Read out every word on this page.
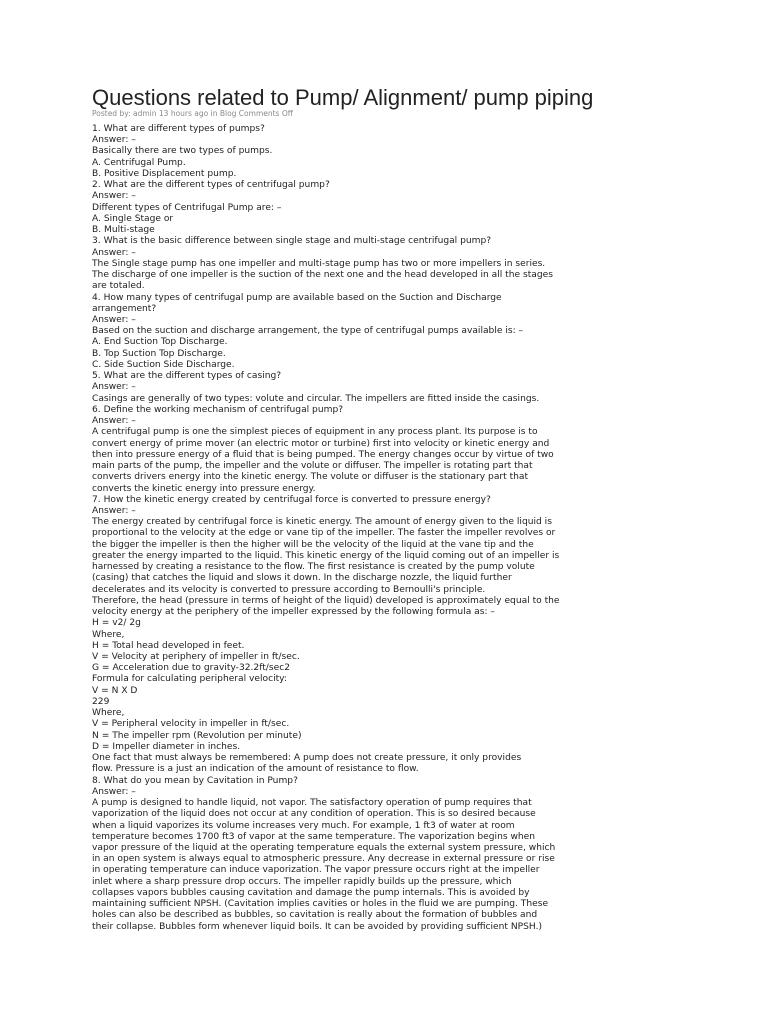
Questions related to Pump/ Alignment/ pump piping
Posted by: admin 13 hours ago in Blog Comments Off
1. What are different types of pumps?
Answer: –
Basically there are two types of pumps.
A. Centrifugal Pump.
B. Positive Displacement pump.
2. What are the different types of centrifugal pump?
Answer: –
Different types of Centrifugal Pump are: –
A. Single Stage or
B. Multi-stage
3. What is the basic difference between single stage and multi-stage centrifugal pump?
Answer: –
The Single stage pump has one impeller and multi-stage pump has two or more impellers in series.
The discharge of one impeller is the suction of the next one and the head developed in all the stages
are totaled.
4. How many types of centrifugal pump are available based on the Suction and Discharge
arrangement?
Answer: –
Based on the suction and discharge arrangement, the type of centrifugal pumps available is: –
A. End Suction Top Discharge.
B. Top Suction Top Discharge.
C. Side Suction Side Discharge.
5. What are the different types of casing?
Answer: –
Casings are generally of two types: volute and circular. The impellers are fitted inside the casings.
6. Define the working mechanism of centrifugal pump?
Answer: –
A centrifugal pump is one the simplest pieces of equipment in any process plant. Its purpose is to
convert energy of prime mover (an electric motor or turbine) first into velocity or kinetic energy and
then into pressure energy of a fluid that is being pumped. The energy changes occur by virtue of two
main parts of the pump, the impeller and the volute or diffuser. The impeller is rotating part that
converts drivers energy into the kinetic energy. The volute or diffuser is the stationary part that
converts the kinetic energy into pressure energy.
7. How the kinetic energy created by centrifugal force is converted to pressure energy?
Answer: –
The energy created by centrifugal force is kinetic energy. The amount of energy given to the liquid is
proportional to the velocity at the edge or vane tip of the impeller. The faster the impeller revolves or
the bigger the impeller is then the higher will be the velocity of the liquid at the vane tip and the
greater the energy imparted to the liquid. This kinetic energy of the liquid coming out of an impeller is
harnessed by creating a resistance to the flow. The first resistance is created by the pump volute
(casing) that catches the liquid and slows it down. In the discharge nozzle, the liquid further
decelerates and its velocity is converted to pressure according to Bernoulli's principle.
Therefore, the head (pressure in terms of height of the liquid) developed is approximately equal to the
velocity energy at the periphery of the impeller expressed by the following formula as: –
H = v2/ 2g
Where,
H = Total head developed in feet.
V = Velocity at periphery of impeller in ft/sec.
G = Acceleration due to gravity-32.2ft/sec2
Formula for calculating peripheral velocity:
V = N X D
229
Where,
V = Peripheral velocity in impeller in ft/sec.
N = The impeller rpm (Revolution per minute)
D = Impeller diameter in inches.
One fact that must always be remembered: A pump does not create pressure, it only provides
flow. Pressure is a just an indication of the amount of resistance to flow.
8. What do you mean by Cavitation in Pump?
Answer: –
A pump is designed to handle liquid, not vapor. The satisfactory operation of pump requires that
vaporization of the liquid does not occur at any condition of operation. This is so desired because
when a liquid vaporizes its volume increases very much. For example, 1 ft3 of water at room
temperature becomes 1700 ft3 of vapor at the same temperature. The vaporization begins when
vapor pressure of the liquid at the operating temperature equals the external system pressure, which
in an open system is always equal to atmospheric pressure. Any decrease in external pressure or rise
in operating temperature can induce vaporization. The vapor pressure occurs right at the impeller
inlet where a sharp pressure drop occurs. The impeller rapidly builds up the pressure, which
collapses vapors bubbles causing cavitation and damage the pump internals. This is avoided by
maintaining sufficient NPSH. (Cavitation implies cavities or holes in the fluid we are pumping. These
holes can also be described as bubbles, so cavitation is really about the formation of bubbles and
their collapse. Bubbles form whenever liquid boils. It can be avoided by providing sufficient NPSH.)
